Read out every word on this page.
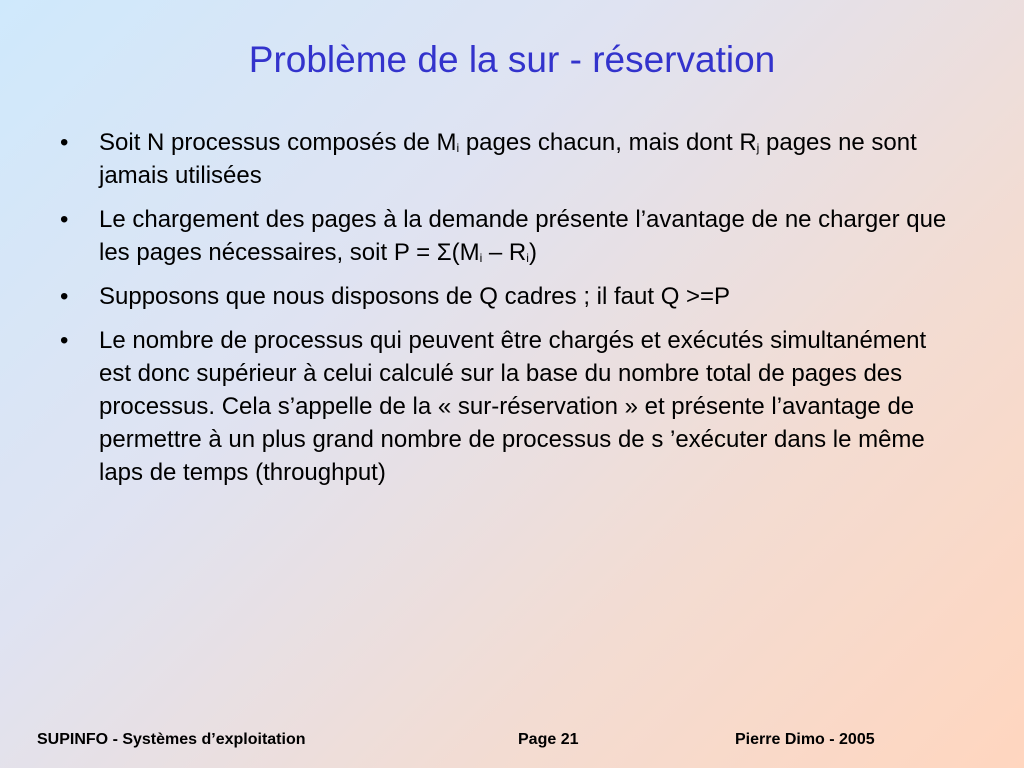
Problème de la sur - réservation
•	Soit N processus composés de $M_i$ pages chacun, mais dont $R_j$ pages ne sont jamais utilisées
•	Le chargement des pages à la demande présente l’avantage de ne charger que les pages nécessaires, soit $P = \Sigma(M_i - R_i)$
•	Supposons que nous disposons de Q cadres ; il faut Q >=P
•	Le nombre de processus qui peuvent être chargés et exécutés simultanément est donc supérieur à celui calculé sur la base du nombre total de pages des processus. Cela s’appelle de la « sur-réservation » et présente l’avantage de permettre à un plus grand nombre de processus de s ’exécuter dans le même laps de temps (throughput)
SUPINFO - Systèmes d’exploitation	Page 21	Pierre Dimo - 2005
